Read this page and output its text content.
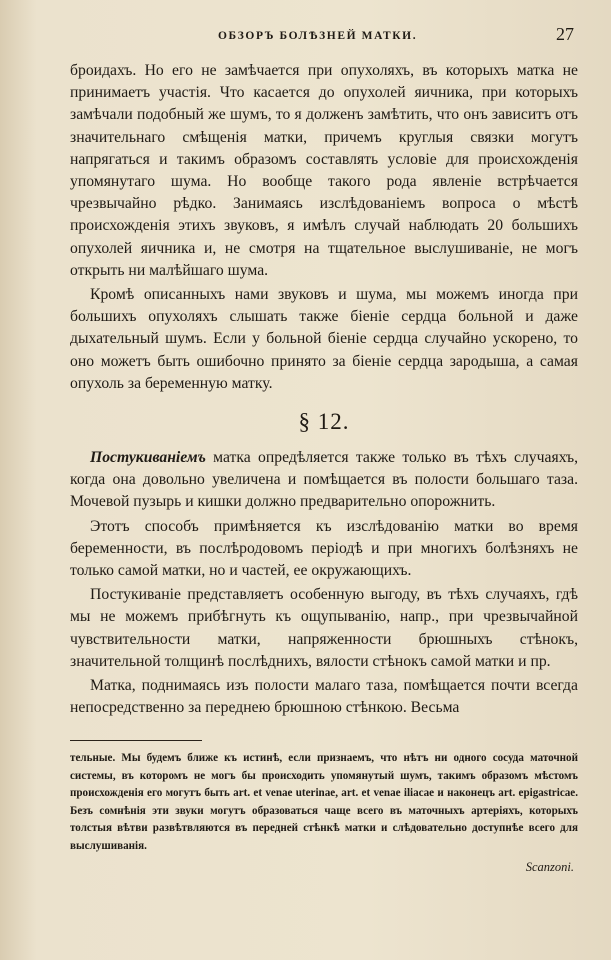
ОБЗОРЪ БОЛѢЗНЕЙ МАТКИ.	27

броидахъ. Но его не замѣчается при опухоляхъ, въ которыхъ матка не принимаетъ участія. Что касается до опухолей яичника, при которыхъ замѣчали подобный же шумъ, то я долженъ замѣтить, что онъ зависитъ отъ значительнаго смѣщенія матки, причемъ круглыя связки могутъ напрягаться и такимъ образомъ составлять условіе для происхожденія упомянутаго шума. Но вообще такого рода явленіе встрѣчается чрезвычайно рѣдко. Занимаясь изслѣдованіемъ вопроса о мѣстѣ происхожденія этихъ звуковъ, я имѣлъ случай наблюдать 20 большихъ опухолей яичника и, не смотря на тщательное выслушиваніе, не могъ открыть ни малѣйшаго шума.

Кромѣ описанныхъ нами звуковъ и шума, мы можемъ иногда при большихъ опухоляхъ слышать также біеніе сердца больной и даже дыхательный шумъ. Если у больной біеніе сердца случайно ускорено, то оно можетъ быть ошибочно принято за біеніе сердца зародыша, а самая опухоль за беременную матку.

§ 12.

Постукиваніемъ матка опредѣляется также только въ тѣхъ случаяхъ, когда она довольно увеличена и помѣщается въ полости большаго таза. Мочевой пузырь и кишки должно предварительно опорожнить.

Этотъ способъ примѣняется къ изслѣдованію матки во время беременности, въ послѣродовомъ періодѣ и при многихъ болѣзняхъ не только самой матки, но и частей, ее окружающихъ.

Постукиваніе представляетъ особенную выгоду, въ тѣхъ случаяхъ, гдѣ мы не можемъ прибѣгнуть къ ощупыванію, напр., при чрезвычайной чувствительности матки, напряженности брюшныхъ стѣнокъ, значительной толщинѣ послѣднихъ, вялости стѣнокъ самой матки и пр.

Матка, поднимаясь изъ полости малаго таза, помѣщается почти всегда непосредственно за переднею брюшною стѣнкою. Весьма

тельные. Мы будемъ ближе къ истинѣ, если признаемъ, что нѣтъ ни одного сосуда маточной системы, въ которомъ не могъ бы происходить упомянутый шумъ, такимъ образомъ мѣстомъ происхожденія его могутъ быть art. et venae uterinae, art. et venae iliacae и наконецъ art. epigastricae. Безъ сомнѣнія эти звуки могутъ образоваться чаще всего въ маточныхъ артеріяхъ, которыхъ толстыя вѣтви развѣтвляются въ передней стѣнкѣ матки и слѣдовательно доступнѣе всего для выслушиванія.

Scanzoni.
